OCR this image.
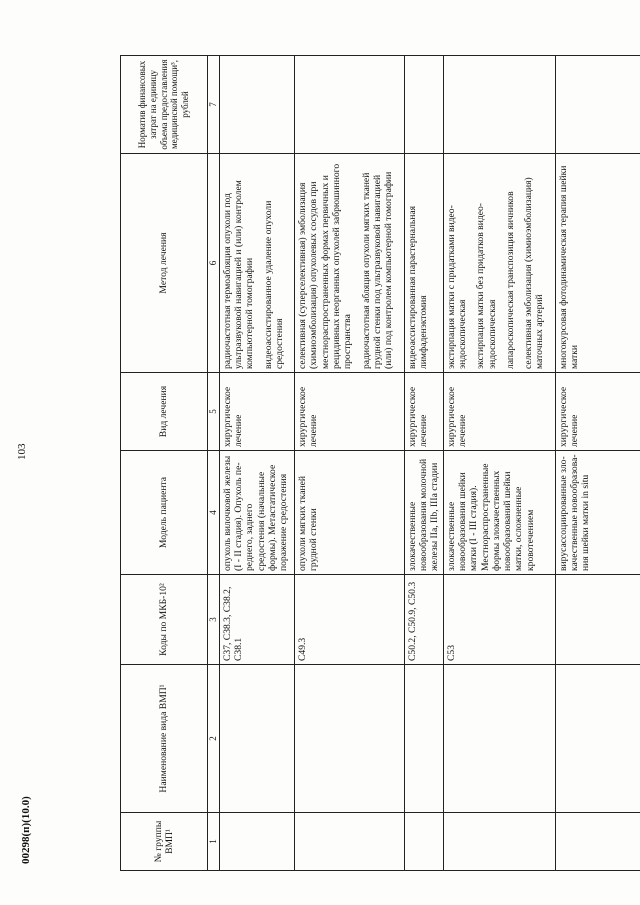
103
00298(п)(10.0)	№ группы ВМП¹	Наименование вида ВМП¹	Коды по МКБ-10²	Модель пациента	Вид лечения	Метод лечения	Норматив финансовых затрат на единицу объема предоставления медицинской помощи³, рублей
1	2	3	4	5	6	7
		C37, C38.3, C38.2, C38.1	опухоль вилочковой железы (I - II стадия). Опухоль переднего, заднего средостения (начальные формы). Метастатическое поражение средостения	хирургическое лечение	радиочастотная термоабляция опухоли под ультразвуковой навигацией и (или) контролем компьютерной томографии видеоассистированное удаление опухоли средостения	

		C49.3	опухоли мягких тканей грудной стенки	хирургическое лечение	селективная (суперселективная) эмболизация (химиоэмболизация) опухолевых сосудов при местнораспространенных формах первичных и рецидивных неорганных опухолей забрюшинного пространства радиочастотная абляция опухоли мягких тканей грудной стенки под ультразвуковой навигацией (или) под контролем компьютерной томографии	

		C50.2, C50.9, C50.3	злокачественные новообразования молочной железы IIa, IIb, IIIa стадии	хирургическое лечение	видеоассистированная парастернальная лимфаденэктомия	

		C53	злокачественные новообразования шейки матки (I - III стадия). Местнораспространенные формы злокачественных новообразований шейки матки, осложненные кровотечением	хирургическое лечение	экстирпация матки с придатками видеоэндоскопическая экстирпация матки без придатков видеоэндоскопическая лапароскопическая транспозиция яичников селективная эмболизация (химиоэмболизация) маточных артерий	

			вирусассоциированные злокачественные новообразования шейки матки in situ	хирургическое лечение	многокурсовая фотодинамическая терапия шейки матки	
